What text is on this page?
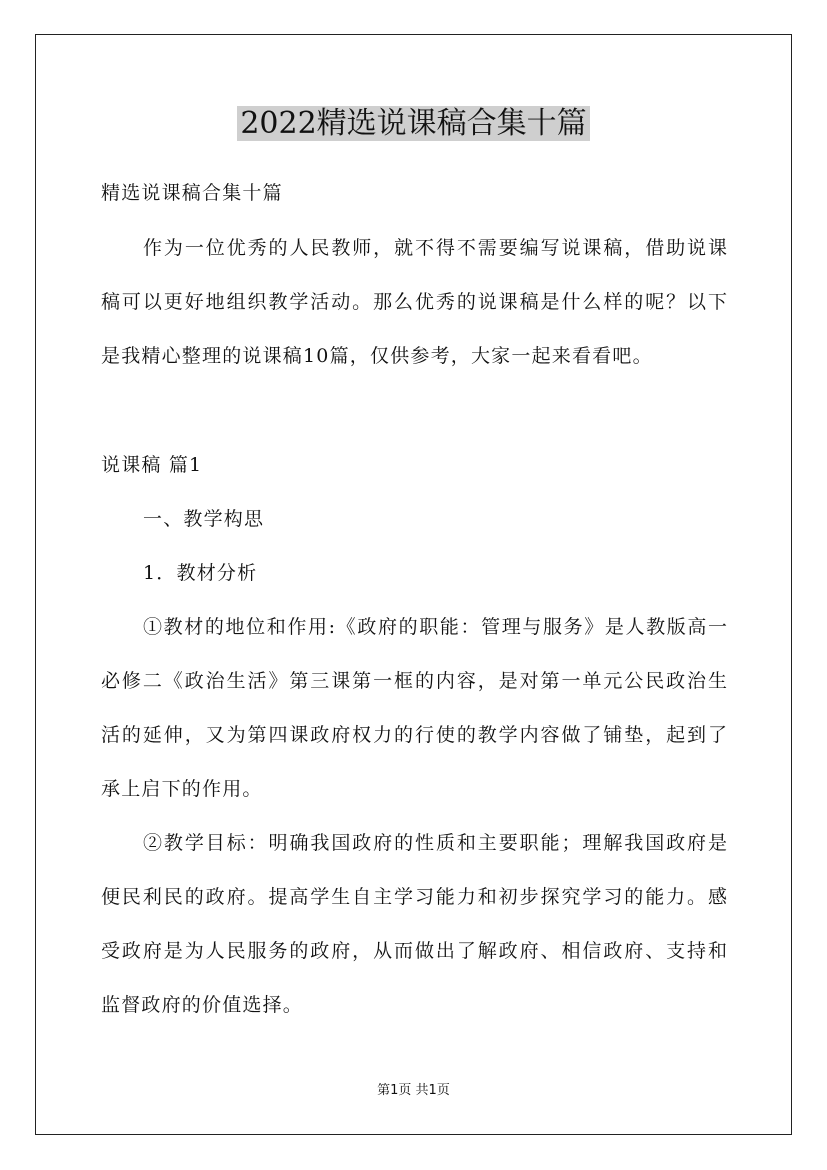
2022精选说课稿合集十篇
精选说课稿合集十篇
作为一位优秀的人民教师，就不得不需要编写说课稿，借助说课
稿可以更好地组织教学活动。那么优秀的说课稿是什么样的呢？以下
是我精心整理的说课稿10篇，仅供参考，大家一起来看看吧。
说课稿 篇1
一、教学构思
1．教材分析
①教材的地位和作用:《政府的职能：管理与服务》是人教版高一
必修二《政治生活》第三课第一框的内容，是对第一单元公民政治生
活的延伸，又为第四课政府权力的行使的教学内容做了铺垫，起到了
承上启下的作用。
②教学目标：明确我国政府的性质和主要职能；理解我国政府是
便民利民的政府。提高学生自主学习能力和初步探究学习的能力。感
受政府是为人民服务的政府，从而做出了解政府、相信政府、支持和
监督政府的价值选择。
第1页 共1页
